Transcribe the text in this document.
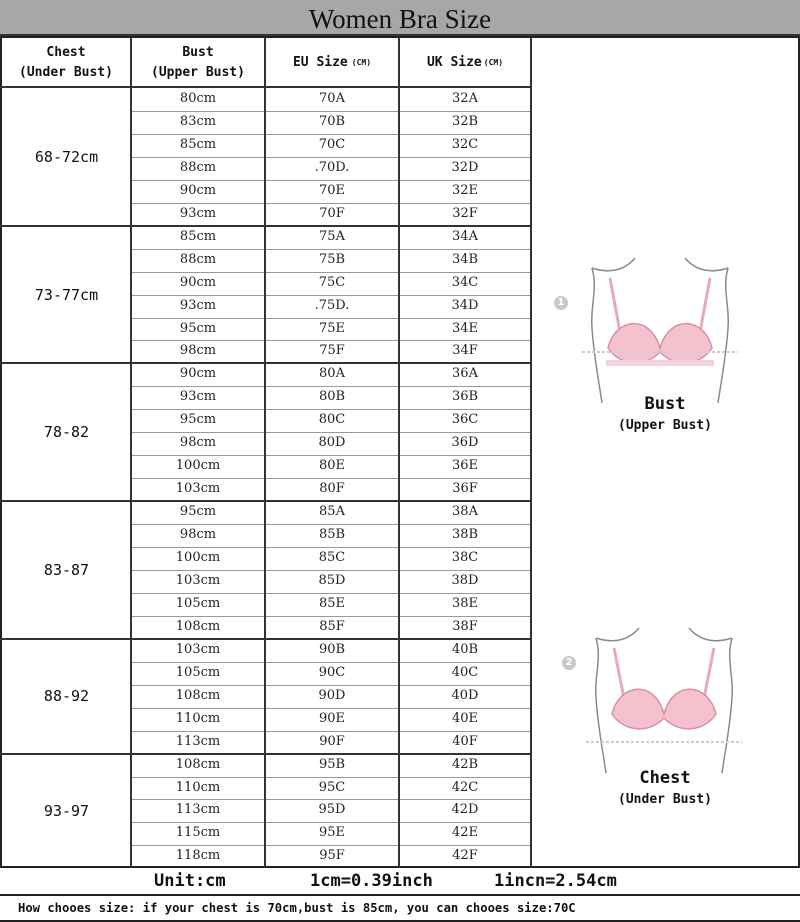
Women Bra Size
Chest
(Under Bust)
Bust
(Upper Bust)
EU Size (CM)	UK Size (CM)
68-72cm
80cm	70A	32A
83cm	70B	32B
85cm	70C	32C
88cm	.70D.	32D
90cm	70E	32E
93cm	70F	32F
73-77cm
85cm	75A	34A
88cm	75B	34B
90cm	75C	34C
93cm	.75D.	34D
95cm	75E	34E
98cm	75F	34F
78-82
90cm	80A	36A
93cm	80B	36B
95cm	80C	36C
98cm	80D	36D
100cm	80E	36E
103cm	80F	36F
83-87
95cm	85A	38A
98cm	85B	38B
100cm	85C	38C
103cm	85D	38D
105cm	85E	38E
108cm	85F	38F
88-92
103cm	90B	40B
105cm	90C	40C
108cm	90D	40D
110cm	90E	40E
113cm	90F	40F
93-97
108cm	95B	42B
110cm	95C	42C
113cm	95D	42D
115cm	95E	42E
118cm	95F	42F
1
Bust
(Upper Bust)
2
Chest
(Under Bust)
Unit:cm	1cm=0.39inch	1incn=2.54cm
How chooes size: if your chest is 70cm,bust is 85cm, you can chooes size:70C
